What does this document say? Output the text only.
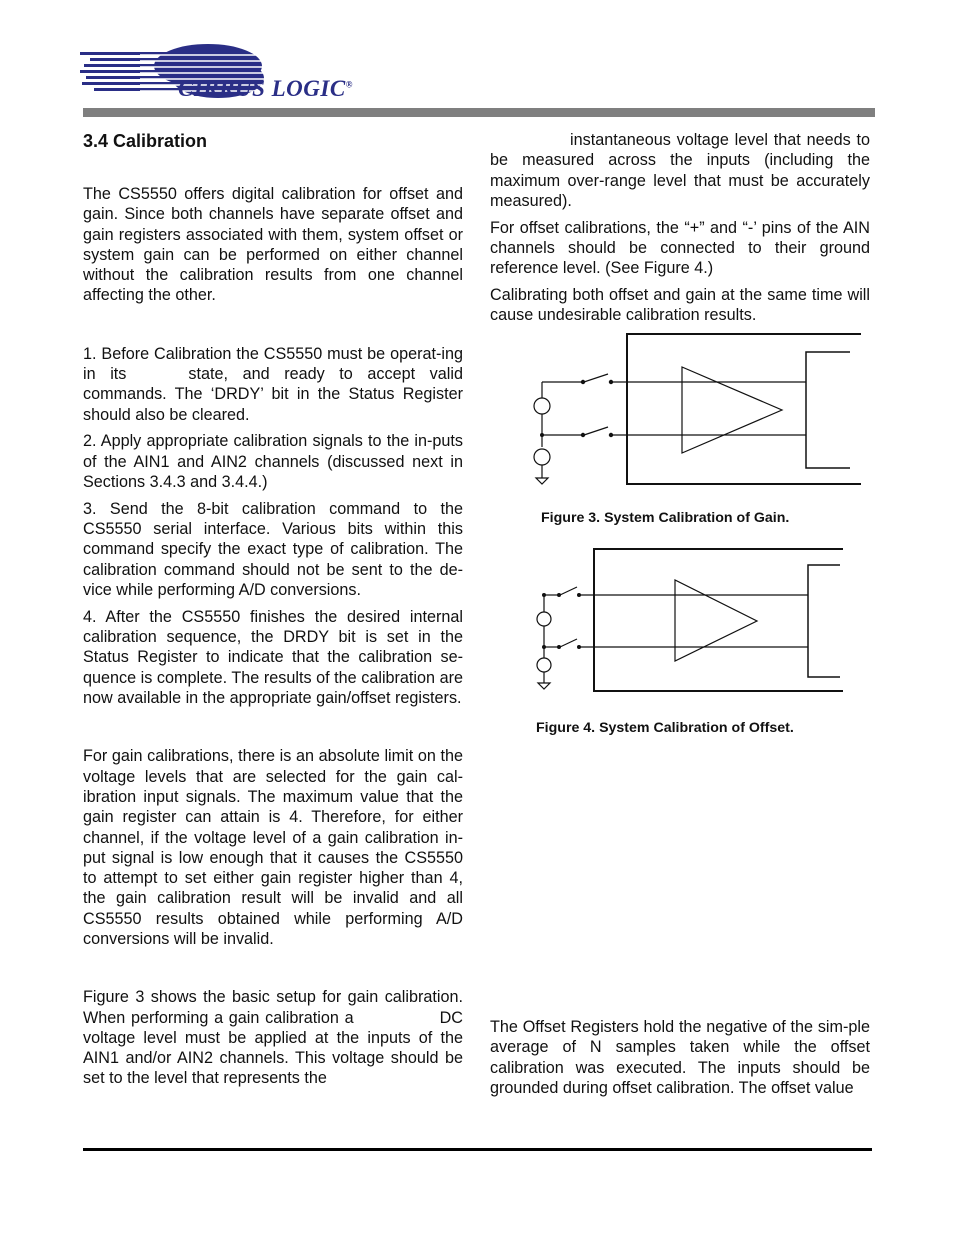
CIRRUS LOGIC®

3.4 Calibration

The CS5550 offers digital calibration for offset and gain. Since both channels have separate offset and gain registers associated with them, system offset or system gain can be performed on either channel without the calibration results from one channel affecting the other.

1. Before Calibration the CS5550 must be operat-ing in its	state, and ready to accept valid commands. The ‘DRDY’ bit in the Status Register should also be cleared.

2. Apply appropriate calibration signals to the in-puts of the AIN1 and AIN2 channels (discussed next in Sections 3.4.3 and 3.4.4.)

3. Send the 8-bit calibration command to the CS5550 serial interface. Various bits within this command specify the exact type of calibration. The calibration command should not be sent to the de-vice while performing A/D conversions.

4. After the CS5550 finishes the desired internal calibration sequence, the DRDY bit is set in the Status Register to indicate that the calibration se-quence is complete. The results of the calibration are now available in the appropriate gain/offset registers.

For gain calibrations, there is an absolute limit on the voltage levels that are selected for the gain cal-ibration input signals. The maximum value that the gain register can attain is 4. Therefore, for either channel, if the voltage level of a gain calibration in-put signal is low enough that it causes the CS5550 to attempt to set either gain register higher than 4, the gain calibration result will be invalid and all CS5550 results obtained while performing A/D conversions will be invalid.

Figure 3 shows the basic setup for gain calibration. When performing a gain calibration a	DC voltage level must be applied at the inputs of the AIN1 and/or AIN2 channels. This voltage should be set to the level that represents the

instantaneous voltage level that needs to be measured across the inputs (including the maximum over-range level that must be accurately measured).

For offset calibrations, the “+” and “-’ pins of the AIN channels should be connected to their ground reference level. (See Figure 4.)

Calibrating both offset and gain at the same time will cause undesirable calibration results.

Figure 3. System Calibration of Gain.
Figure 4. System Calibration of Offset.

The Offset Registers hold the negative of the sim-ple average of N samples taken while the offset calibration was executed. The inputs should be grounded during offset calibration. The offset value
